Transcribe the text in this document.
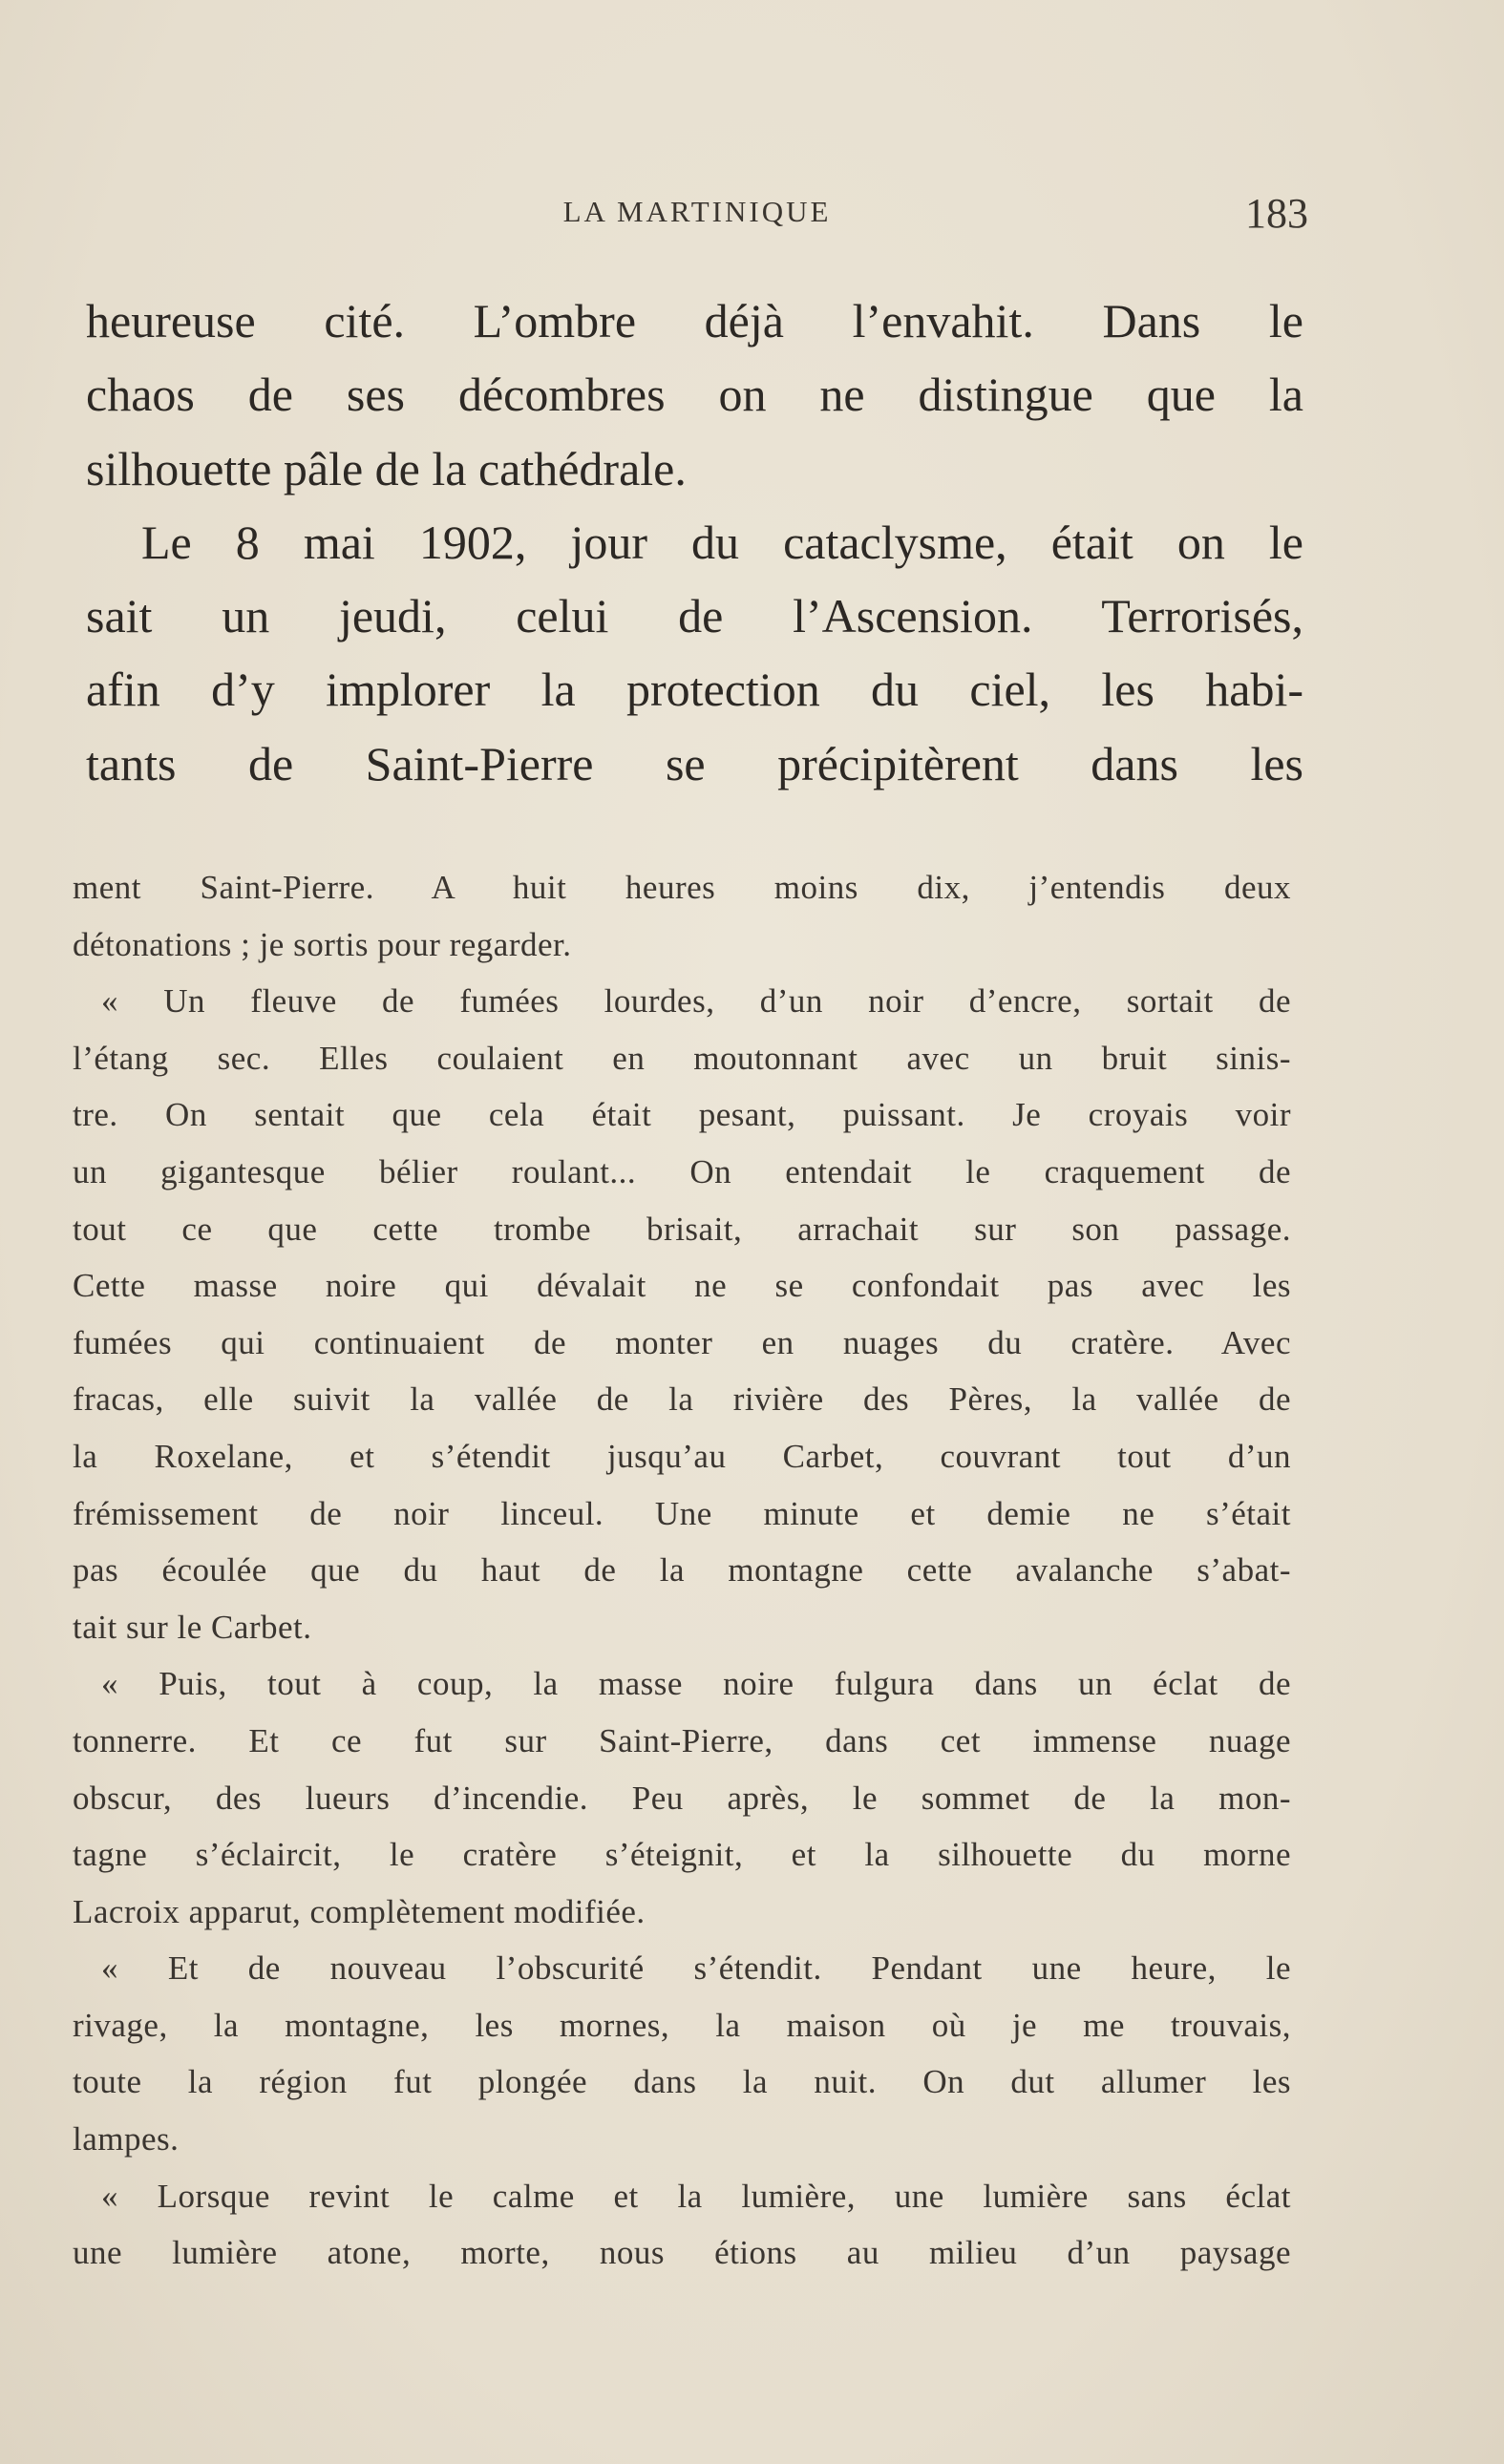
LA MARTINIQUE	183
heureuse cité. L’ombre déjà l’envahit. Dans le
chaos de ses décombres on ne distingue que la
silhouette pâle de la cathédrale.
Le 8 mai 1902, jour du cataclysme, était on le
sait un jeudi, celui de l’Ascension. Terrorisés,
afin d’y implorer la protection du ciel, les habi-
tants de Saint-Pierre se précipitèrent dans les
ment Saint-Pierre. A huit heures moins dix, j’entendis deux
détonations ; je sortis pour regarder.
« Un fleuve de fumées lourdes, d’un noir d’encre, sortait de
l’étang sec. Elles coulaient en moutonnant avec un bruit sinis-
tre. On sentait que cela était pesant, puissant. Je croyais voir
un gigantesque bélier roulant... On entendait le craquement de
tout ce que cette trombe brisait, arrachait sur son passage.
Cette masse noire qui dévalait ne se confondait pas avec les
fumées qui continuaient de monter en nuages du cratère. Avec
fracas, elle suivit la vallée de la rivière des Pères, la vallée de
la Roxelane, et s’étendit jusqu’au Carbet, couvrant tout d’un
frémissement de noir linceul. Une minute et demie ne s’était
pas écoulée que du haut de la montagne cette avalanche s’abat-
tait sur le Carbet.
« Puis, tout à coup, la masse noire fulgura dans un éclat de
tonnerre. Et ce fut sur Saint-Pierre, dans cet immense nuage
obscur, des lueurs d’incendie. Peu après, le sommet de la mon-
tagne s’éclaircit, le cratère s’éteignit, et la silhouette du morne
Lacroix apparut, complètement modifiée.
« Et de nouveau l’obscurité s’étendit. Pendant une heure, le
rivage, la montagne, les mornes, la maison où je me trouvais,
toute la région fut plongée dans la nuit. On dut allumer les
lampes.
« Lorsque revint le calme et la lumière, une lumière sans éclat
une lumière atone, morte, nous étions au milieu d’un paysage
